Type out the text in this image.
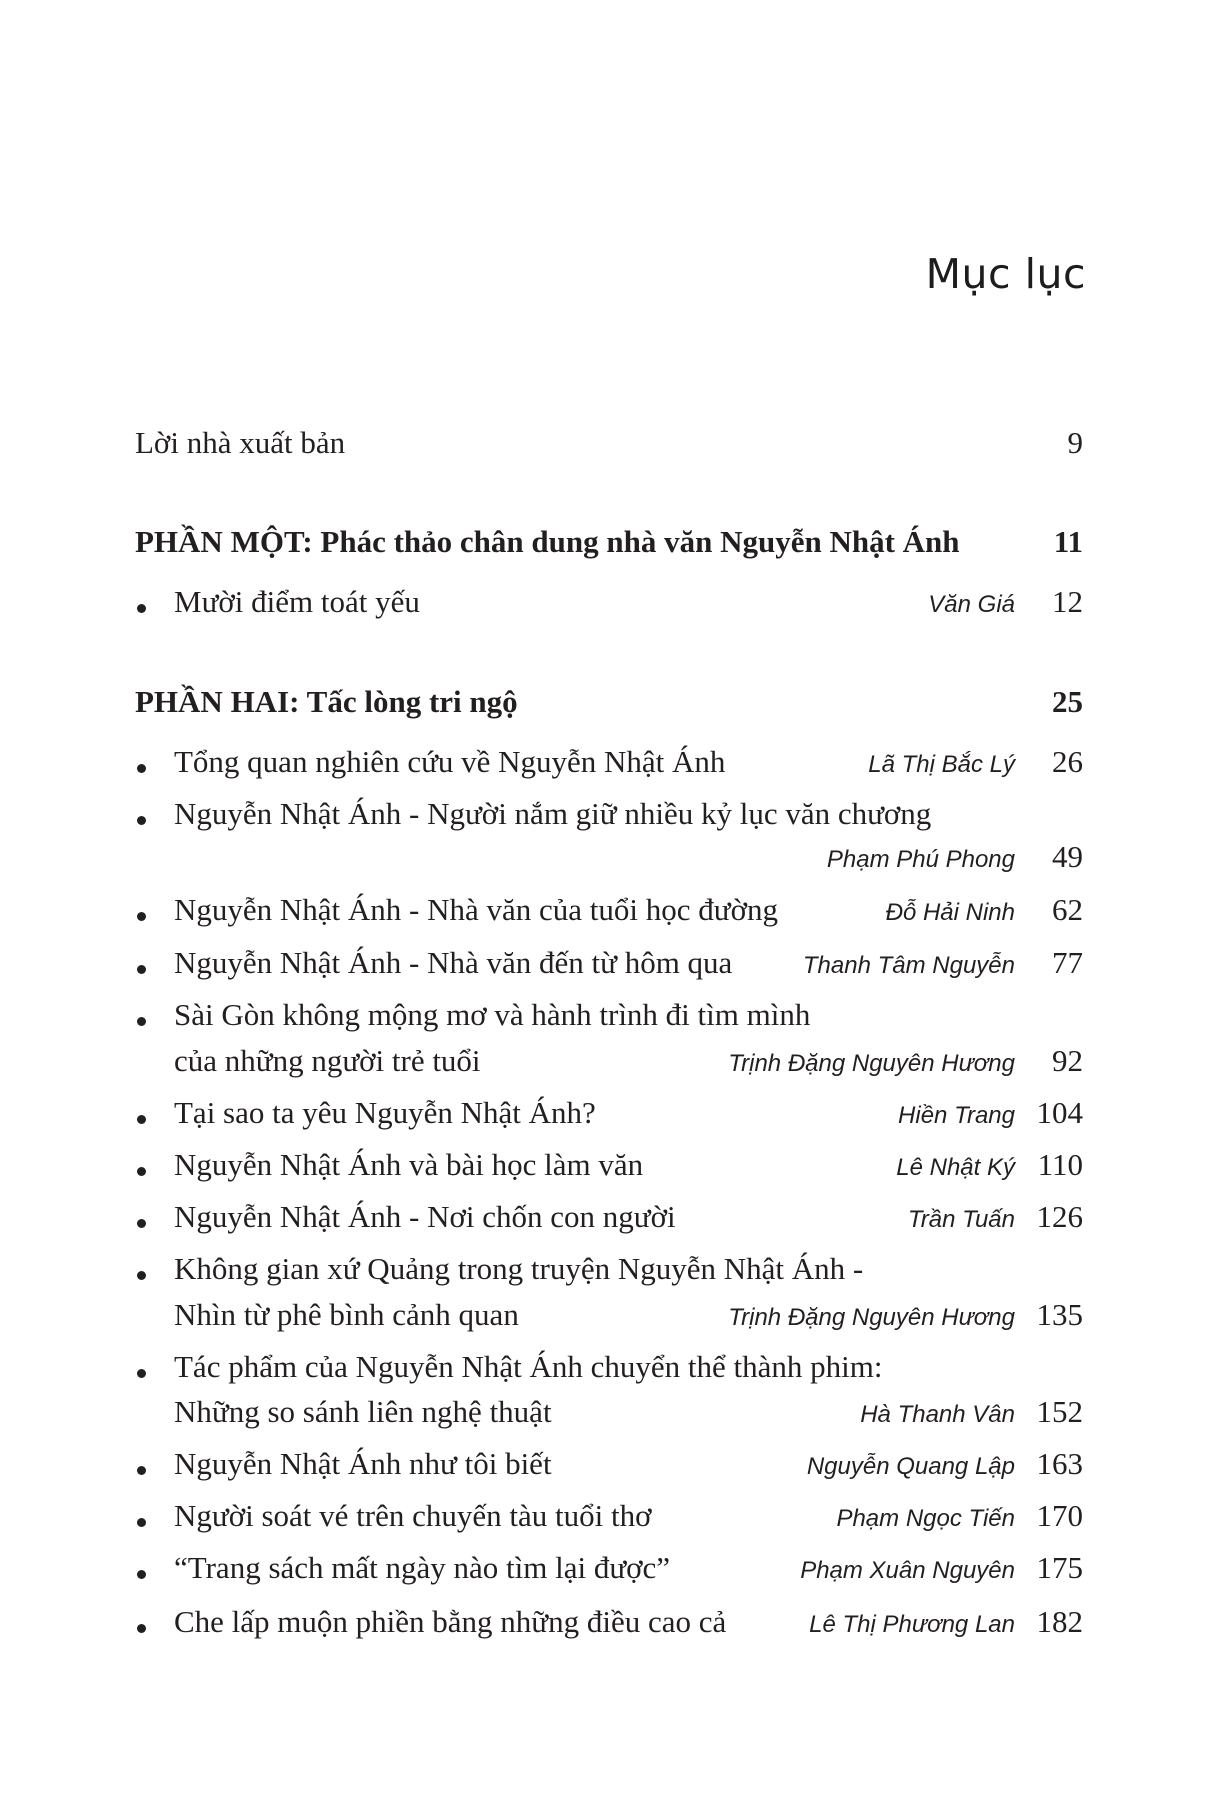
Mục lục
Lời nhà xuất bản	9
PHẦN MỘT: Phác thảo chân dung nhà văn Nguyễn Nhật Ánh	11
Mười điểm toát yếu	Văn Giá 12
PHẦN HAI: Tấc lòng tri ngộ	25
Tổng quan nghiên cứu về Nguyễn Nhật Ánh	Lã Thị Bắc Lý 26
Nguyễn Nhật Ánh - Người nắm giữ nhiều kỷ lục văn chương
Phạm Phú Phong 49
Nguyễn Nhật Ánh - Nhà văn của tuổi học đường	Đỗ Hải Ninh 62
Nguyễn Nhật Ánh - Nhà văn đến từ hôm qua	Thanh Tâm Nguyễn 77
Sài Gòn không mộng mơ và hành trình đi tìm mình
của những người trẻ tuổi	Trịnh Đặng Nguyên Hương 92
Tại sao ta yêu Nguyễn Nhật Ánh?	Hiền Trang 104
Nguyễn Nhật Ánh và bài học làm văn	Lê Nhật Ký 110
Nguyễn Nhật Ánh - Nơi chốn con người	Trần Tuấn 126
Không gian xứ Quảng trong truyện Nguyễn Nhật Ánh -
Nhìn từ phê bình cảnh quan	Trịnh Đặng Nguyên Hương 135
Tác phẩm của Nguyễn Nhật Ánh chuyển thể thành phim:
Những so sánh liên nghệ thuật	Hà Thanh Vân 152
Nguyễn Nhật Ánh như tôi biết	Nguyễn Quang Lập 163
Người soát vé trên chuyến tàu tuổi thơ	Phạm Ngọc Tiến 170
“Trang sách mất ngày nào tìm lại được”	Phạm Xuân Nguyên 175
Che lấp muộn phiền bằng những điều cao cả	Lê Thị Phương Lan 182
